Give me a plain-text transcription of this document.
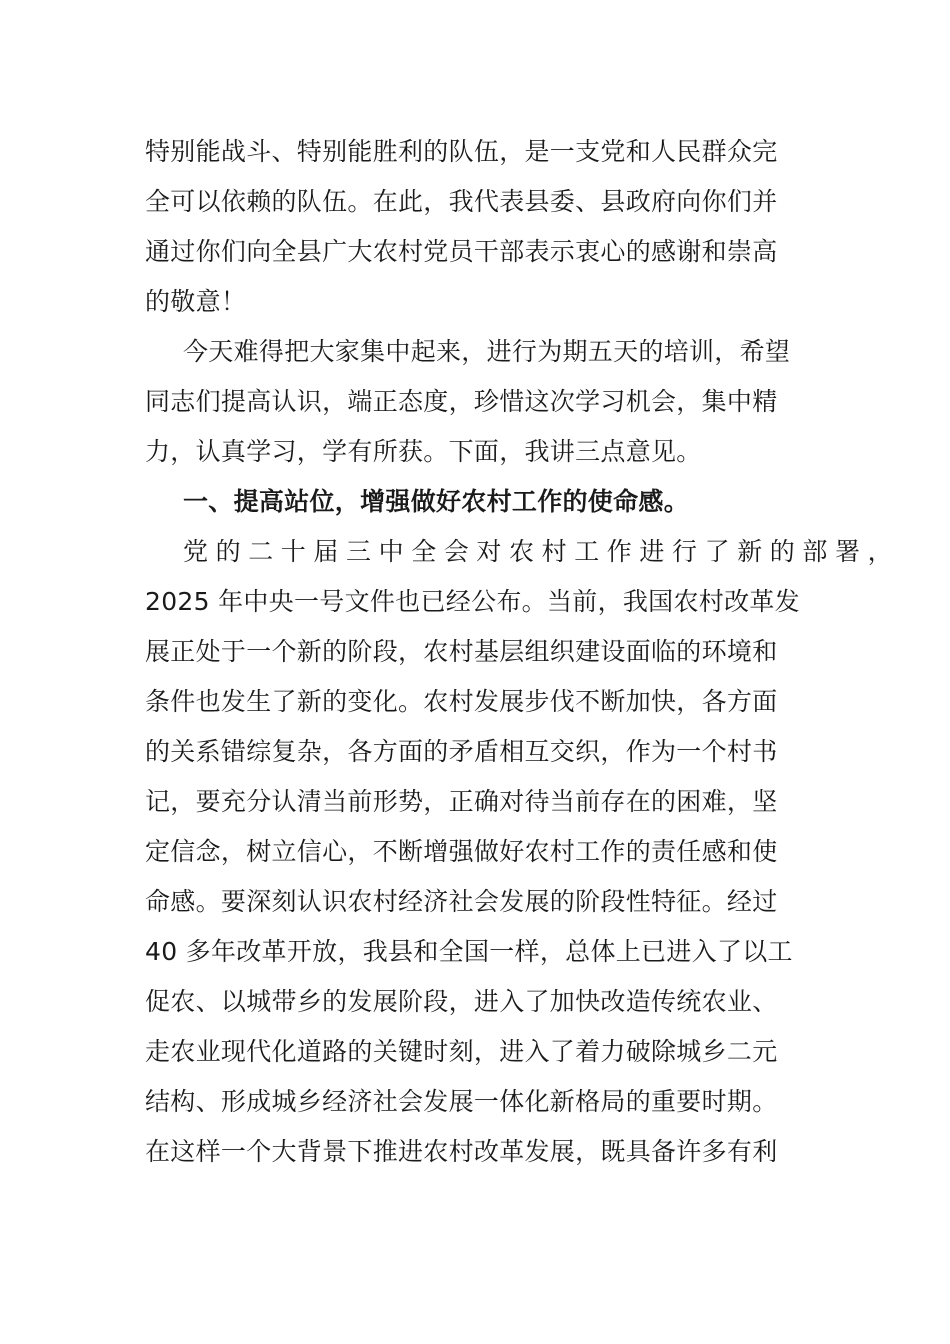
特别能战斗、特别能胜利的队伍，是一支党和人民群众完
全可以依赖的队伍。在此，我代表县委、县政府向你们并
通过你们向全县广大农村党员干部表示衷心的感谢和崇高
的敬意！
今天难得把大家集中起来，进行为期五天的培训，希望
同志们提高认识，端正态度，珍惜这次学习机会，集中精
力，认真学习，学有所获。下面，我讲三点意见。
一、提高站位，增强做好农村工作的使命感。
党的二十届三中全会对农村工作进行了新的部署，
2025 年中央一号文件也已经公布。当前，我国农村改革发
展正处于一个新的阶段，农村基层组织建设面临的环境和
条件也发生了新的变化。农村发展步伐不断加快，各方面
的关系错综复杂，各方面的矛盾相互交织，作为一个村书
记，要充分认清当前形势，正确对待当前存在的困难，坚
定信念，树立信心，不断增强做好农村工作的责任感和使
命感。要深刻认识农村经济社会发展的阶段性特征。经过
40 多年改革开放，我县和全国一样，总体上已进入了以工
促农、以城带乡的发展阶段，进入了加快改造传统农业、
走农业现代化道路的关键时刻，进入了着力破除城乡二元
结构、形成城乡经济社会发展一体化新格局的重要时期。
在这样一个大背景下推进农村改革发展，既具备许多有利
